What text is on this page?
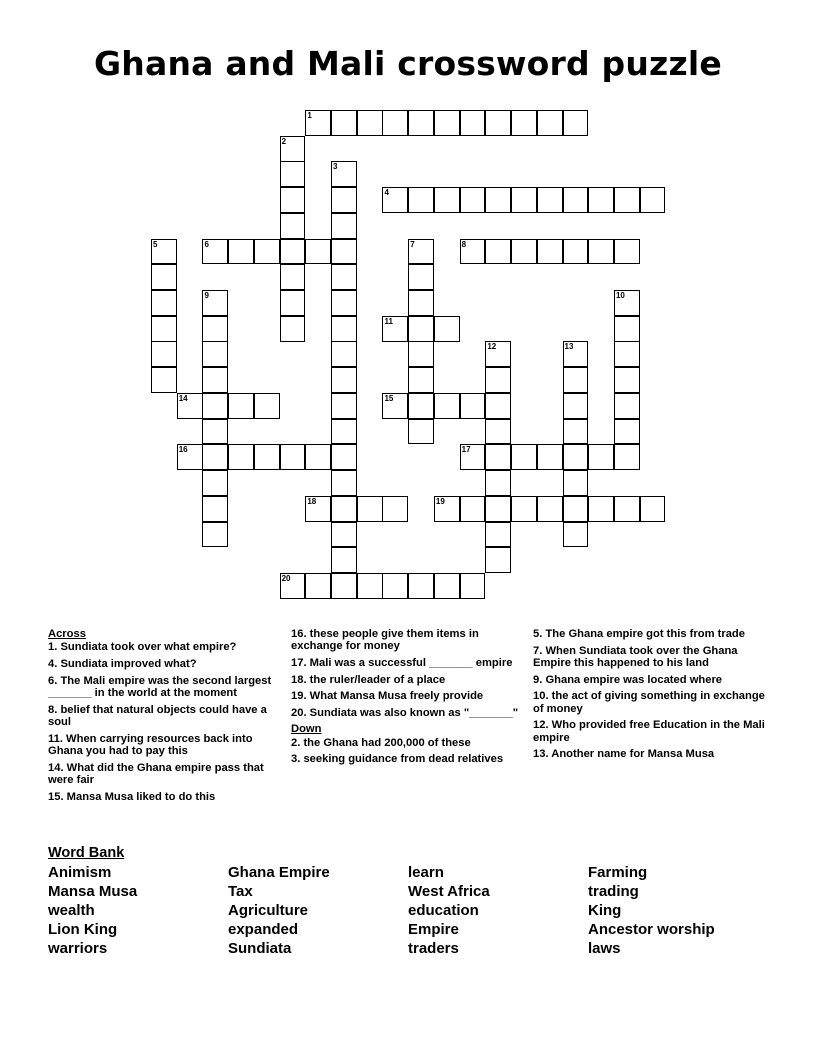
Ghana and Mali crossword puzzle
1
2
3
4
5	6	7	8
9	10
11
12	13
14	15
16	17
18	19
20
Across
1. Sundiata took over what empire?
4. Sundiata improved what?
6. The Mali empire was the second largest _______ in the world at the moment
8. belief that natural objects could have a soul
11. When carrying resources back into Ghana you had to pay this
14. What did the Ghana empire pass that were fair
15. Mansa Musa liked to do this
16. these people give them items in exchange for money
17. Mali was a successful _______ empire
18. the ruler/leader of a place
19. What Mansa Musa freely provide
20. Sundiata was also known as "_______"
Down
2. the Ghana had 200,000 of these
3. seeking guidance from dead relatives
5. The Ghana empire got this from trade
7. When Sundiata took over the Ghana Empire this happened to his land
9. Ghana empire was located where
10. the act of giving something in exchange of money
12. Who provided free Education in the Mali empire
13. Another name for Mansa Musa
Word Bank
Animism
Mansa Musa
wealth
Lion King
warriors
Ghana Empire
Tax
Agriculture
expanded
Sundiata
learn
West Africa
education
Empire
traders
Farming
trading
King
Ancestor worship
laws
